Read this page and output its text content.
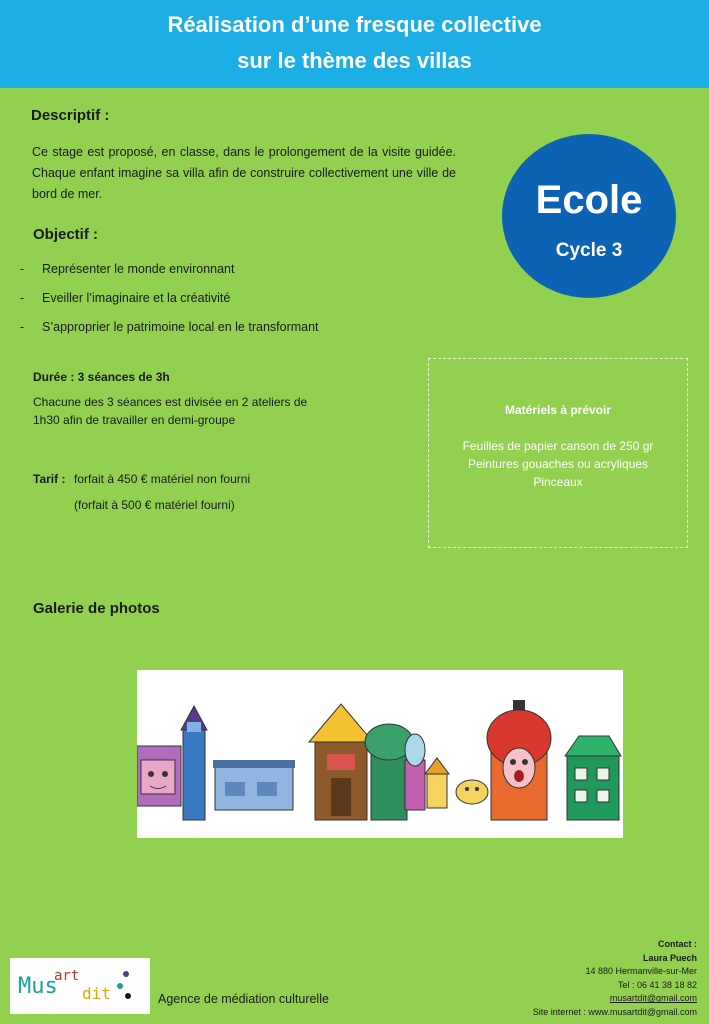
Réalisation d’une fresque collective
sur le thème des villas
Descriptif :
Ce stage est proposé, en classe, dans le prolongement de la visite guidée. Chaque enfant imagine sa villa afin de construire collectivement une ville de bord de mer.
Objectif :
- Représenter le monde environnant
- Eveiller l’imaginaire et la créativité
- S’approprier le patrimoine local en le transformant
Ecole
Cycle 3
Durée : 3 séances de 3h
Chacune des 3 séances est divisée en 2 ateliers de
1h30 afin de travailler en demi-groupe
Tarif : forfait à 450 € matériel non fourni
(forfait à 500 € matériel fourni)
Matériels à prévoir
Feuilles de papier canson de 250 gr
Peintures gouaches ou acryliques
Pinceaux
Galerie de photos
Mus
art
dit	Agence de médiation culturelle
Contact :
Laura Puech
14 880 Hermanville-sur-Mer
Tel : 06 41 38 18 82
musartdit@gmail.com
Site internet : www.musartdit@gmail.com
